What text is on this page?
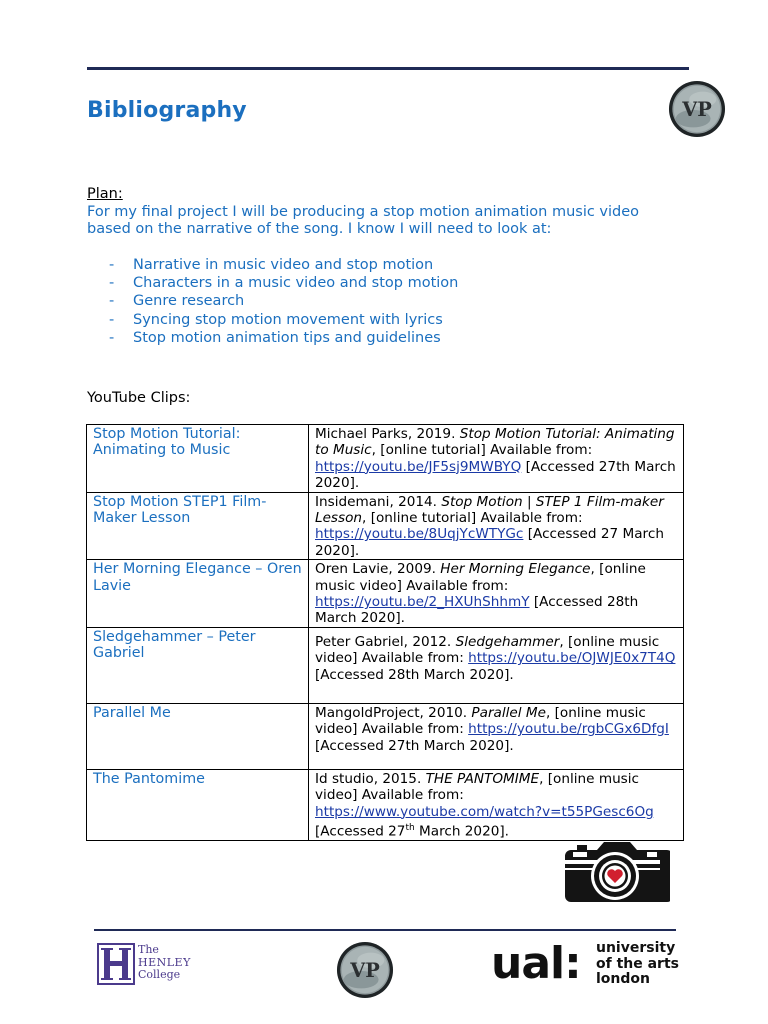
Bibliography	VP
Plan:
For my final project I will be producing a stop motion animation music video based on the narrative of the song. I know I will need to look at:
- Narrative in music video and stop motion
- Characters in a music video and stop motion
- Genre research
- Syncing stop motion movement with lyrics
- Stop motion animation tips and guidelines
YouTube Clips:
Stop Motion Tutorial: Animating to Music	Michael Parks, 2019. Stop Motion Tutorial: Animating to Music, [online tutorial] Available from: https://youtu.be/JF5sj9MWBYQ [Accessed 27th March 2020].
Stop Motion STEP1 Film-Maker Lesson	Insidemani, 2014. Stop Motion | STEP 1 Film-maker Lesson, [online tutorial] Available from: https://youtu.be/8UqjYcWTYGc [Accessed 27 March 2020].
Her Morning Elegance – Oren Lavie	Oren Lavie, 2009. Her Morning Elegance, [online music video] Available from: https://youtu.be/2_HXUhShhmY [Accessed 28th March 2020].
Sledgehammer – Peter Gabriel	Peter Gabriel, 2012. Sledgehammer, [online music video] Available from: https://youtu.be/OJWJE0x7T4Q
[Accessed 28th March 2020].
Parallel Me	MangoldProject, 2010. Parallel Me, [online music video] Available from: https://youtu.be/rgbCGx6DfgI [Accessed 27th March 2020].
The Pantomime	Id studio, 2015. THE PANTOMIME, [online music video] Available from: https://www.youtube.com/watch?v=t55PGesc6Og [Accessed 27th March 2020].
The
HENLEY
College	VP	ual: university
of the arts
london
